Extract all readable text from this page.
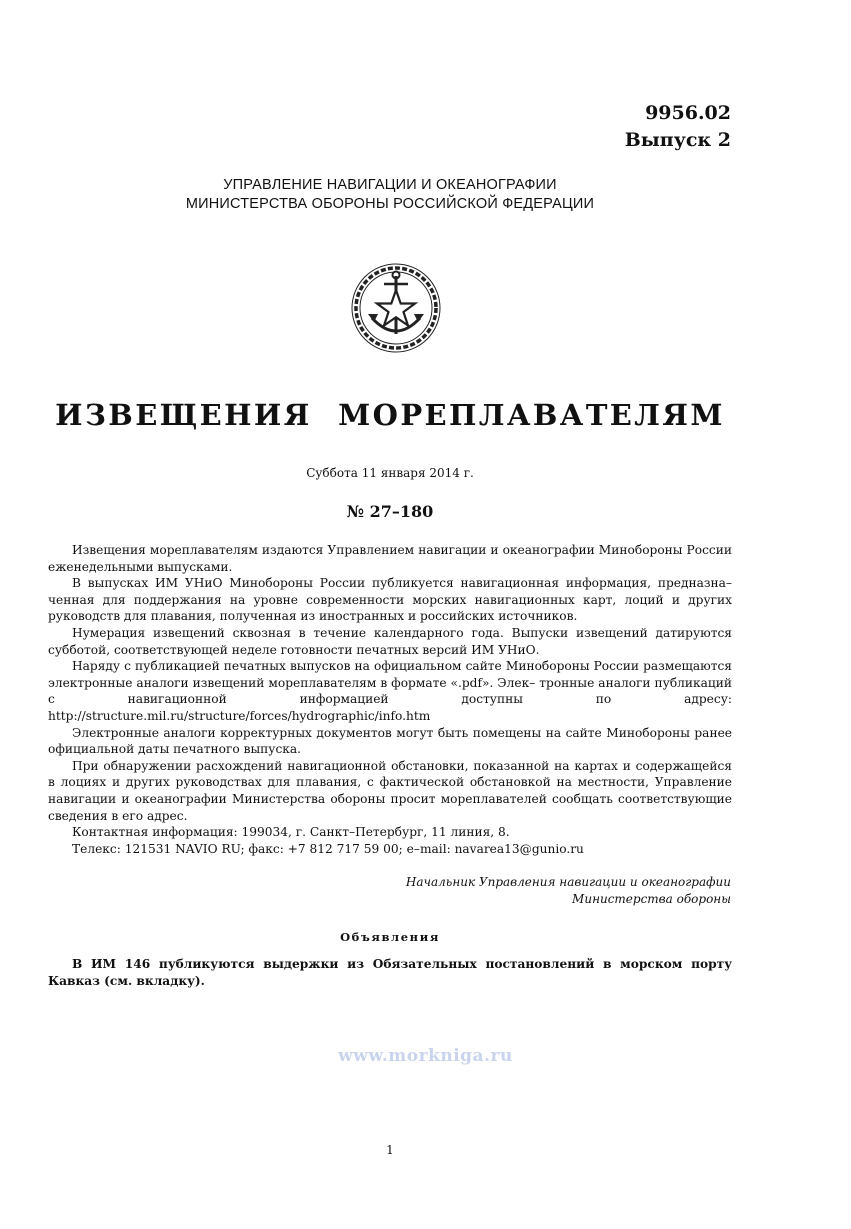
9956.02
Выпуск 2
УПРАВЛЕНИЕ НАВИГАЦИИ И ОКЕАНОГРАФИИ
МИНИСТЕРСТВА ОБОРОНЫ РОССИЙСКОЙ ФЕДЕРАЦИИ
ИЗВЕЩЕНИЯ МОРЕПЛАВАТЕЛЯМ
Суббота 11 января 2014 г.
№ 27–180

Извещения мореплавателям издаются Управлением навигации и океанографии Минобороны России еженедельными выпусками.

В выпусках ИМ УНиО Минобороны России публикуется навигационная информация, предназна–ченная для поддержания на уровне современности морских навигационных карт, лоций и других руководств для плавания, полученная из иностранных и российских источников.

Нумерация извещений сквозная в течение календарного года. Выпуски извещений датируются субботой, соответствующей неделе готовности печатных версий ИМ УНиО.

Наряду с публикацией печатных выпусков на официальном сайте Минобороны России размещаются электронные аналоги извещений мореплавателям в формате «.pdf». Элек– тронные аналоги публикаций с навигационной информацией доступны по адресу: http://structure.mil.ru/structure/forces/hydrographic/info.htm

Электронные аналоги корректурных документов могут быть помещены на сайте Минобороны ранее официальной даты печатного выпуска.

При обнаружении расхождений навигационной обстановки, показанной на картах и содержащейся в лоциях и других руководствах для плавания, с фактической обстановкой на местности, Управление навигации и океанографии Министерства обороны просит мореплавателей сообщать соответствующие сведения в его адрес.

Контактная информация: 199034, г. Санкт–Петербург, 11 линия, 8.

Телекс: 121531 NAVIO RU; факс: +7 812 717 59 00; e–mail: navarea13@gunio.ru

Начальник Управления навигации и океанографии
Министерства обороны
Объявления
В ИМ 146 публикуются выдержки из Обязательных постановлений в морском порту Кавказ (см. вкладку).
www.morkniga.ru
1
